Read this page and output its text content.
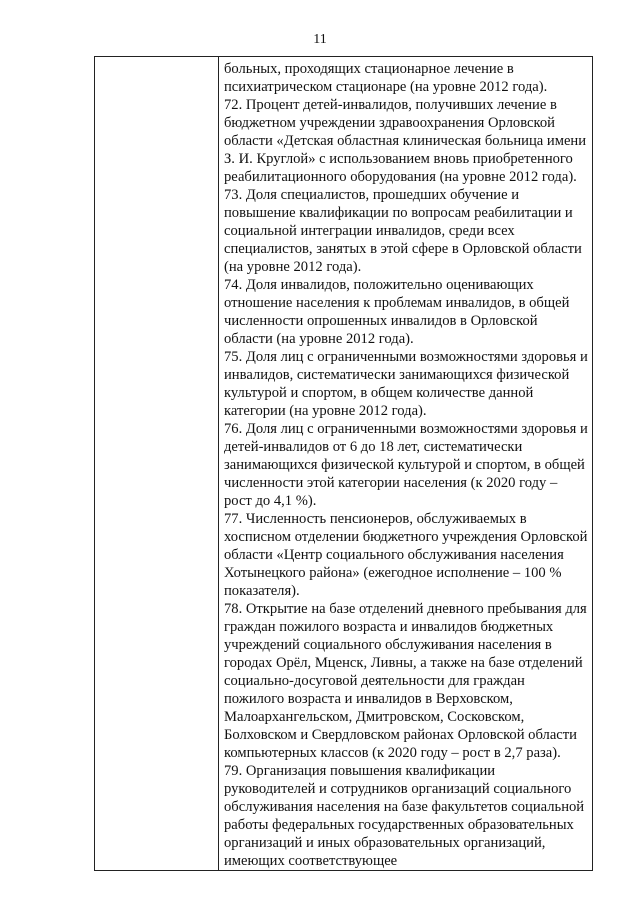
11

больных, проходящих стационарное лечение в психиатрическом стационаре (на уровне 2012 года).

72. Процент детей-инвалидов, получивших лечение в бюджетном учреждении здравоохранения Орловской области «Детская областная клиническая больница имени З. И. Круглой» с использованием вновь приобретенного реабилитационного оборудования (на уровне 2012 года).

73. Доля специалистов, прошедших обучение и повышение квалификации по вопросам реабилитации и социальной интеграции инвалидов, среди всех специалистов, занятых в этой сфере в Орловской области (на уровне 2012 года).

74. Доля инвалидов, положительно оценивающих отношение населения к проблемам инвалидов, в общей численности опрошенных инвалидов в Орловской области (на уровне 2012 года).

75. Доля лиц с ограниченными возможностями здоровья и инвалидов, систематически занимающихся физической культурой и спортом, в общем количестве данной категории (на уровне 2012 года).

76. Доля лиц с ограниченными возможностями здоровья и детей-инвалидов от 6 до 18 лет, систематически занимающихся физической культурой и спортом, в общей численности этой категории населения (к 2020 году – рост до 4,1 %).

77. Численность пенсионеров, обслуживаемых в хосписном отделении бюджетного учреждения Орловской области «Центр социального обслуживания населения Хотынецкого района» (ежегодное исполнение – 100 % показателя).

78. Открытие на базе отделений дневного пребывания для граждан пожилого возраста и инвалидов бюджетных учреждений социального обслуживания населения в городах Орёл, Мценск, Ливны, а также на базе отделений социально-досуговой деятельности для граждан пожилого возраста и инвалидов в Верховском, Малоархангельском, Дмитровском, Сосковском, Болховском и Свердловском районах Орловской области компьютерных классов (к 2020 году – рост в 2,7 раза).

79. Организация повышения квалификации руководителей и сотрудников организаций социального обслуживания населения на базе факультетов социальной работы федеральных государственных образовательных организаций и иных образовательных организаций, имеющих соответствующее
